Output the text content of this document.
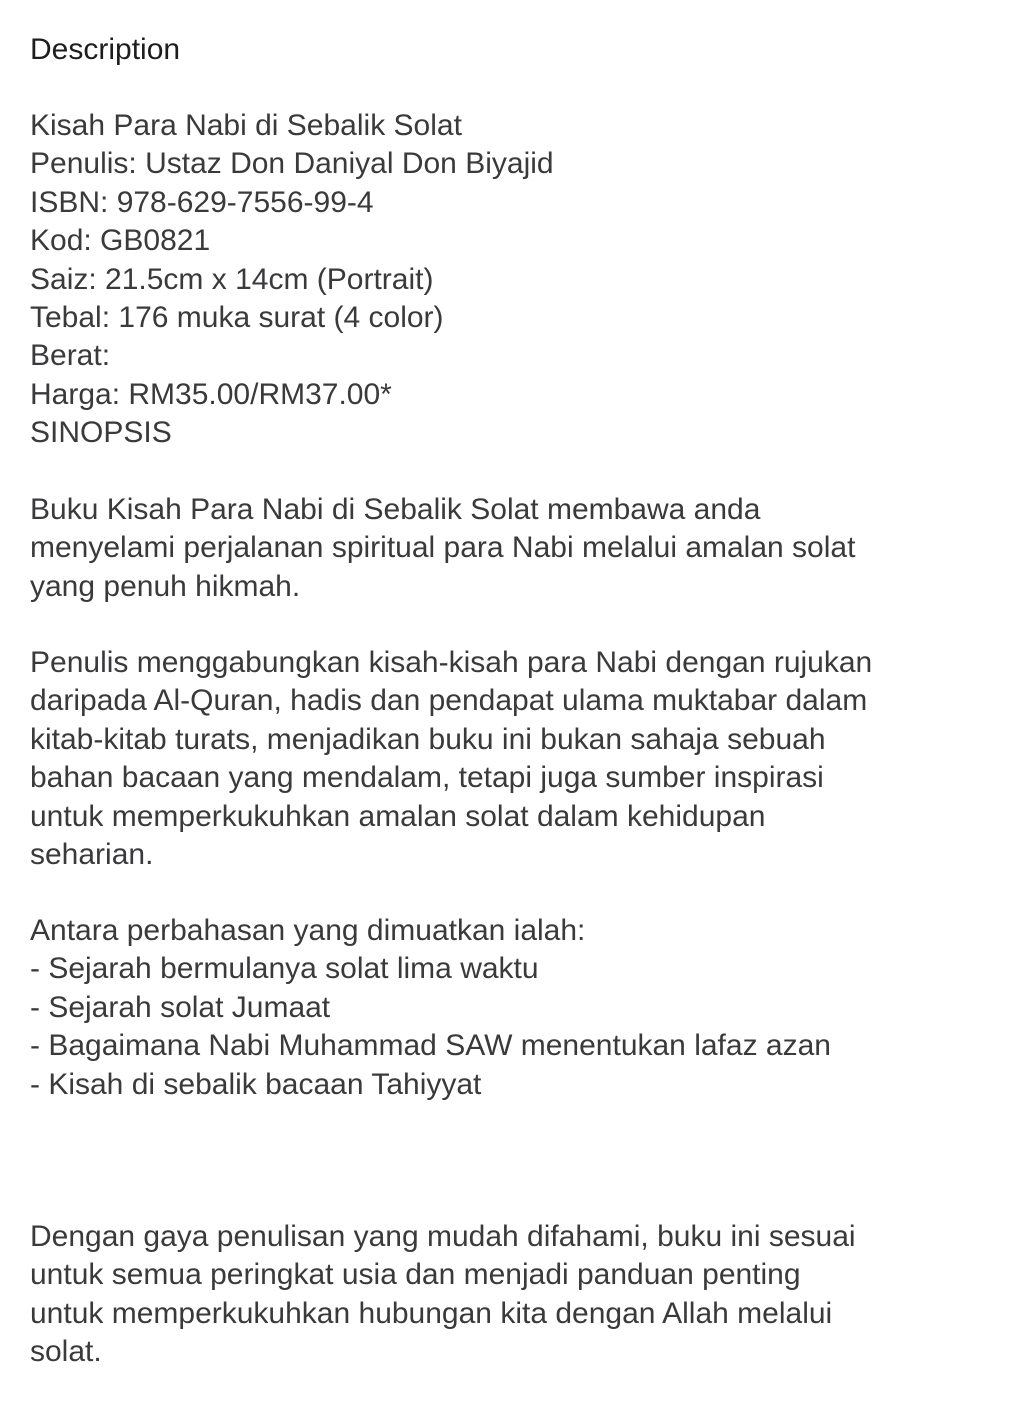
Description

Kisah Para Nabi di Sebalik Solat
Penulis: Ustaz Don Daniyal Don Biyajid
ISBN: 978-629-7556-99-4
Kod: GB0821
Saiz: 21.5cm x 14cm (Portrait)
Tebal: 176 muka surat (4 color)
Berat:
Harga: RM35.00/RM37.00*
SINOPSIS

Buku Kisah Para Nabi di Sebalik Solat membawa anda
menyelami perjalanan spiritual para Nabi melalui amalan solat
yang penuh hikmah.

Penulis menggabungkan kisah-kisah para Nabi dengan rujukan
daripada Al-Quran, hadis dan pendapat ulama muktabar dalam
kitab-kitab turats, menjadikan buku ini bukan sahaja sebuah
bahan bacaan yang mendalam, tetapi juga sumber inspirasi
untuk memperkukuhkan amalan solat dalam kehidupan
seharian.

Antara perbahasan yang dimuatkan ialah:
- Sejarah bermulanya solat lima waktu
- Sejarah solat Jumaat
- Bagaimana Nabi Muhammad SAW menentukan lafaz azan
- Kisah di sebalik bacaan Tahiyyat

Dengan gaya penulisan yang mudah difahami, buku ini sesuai
untuk semua peringkat usia dan menjadi panduan penting
untuk memperkukuhkan hubungan kita dengan Allah melalui
solat.
